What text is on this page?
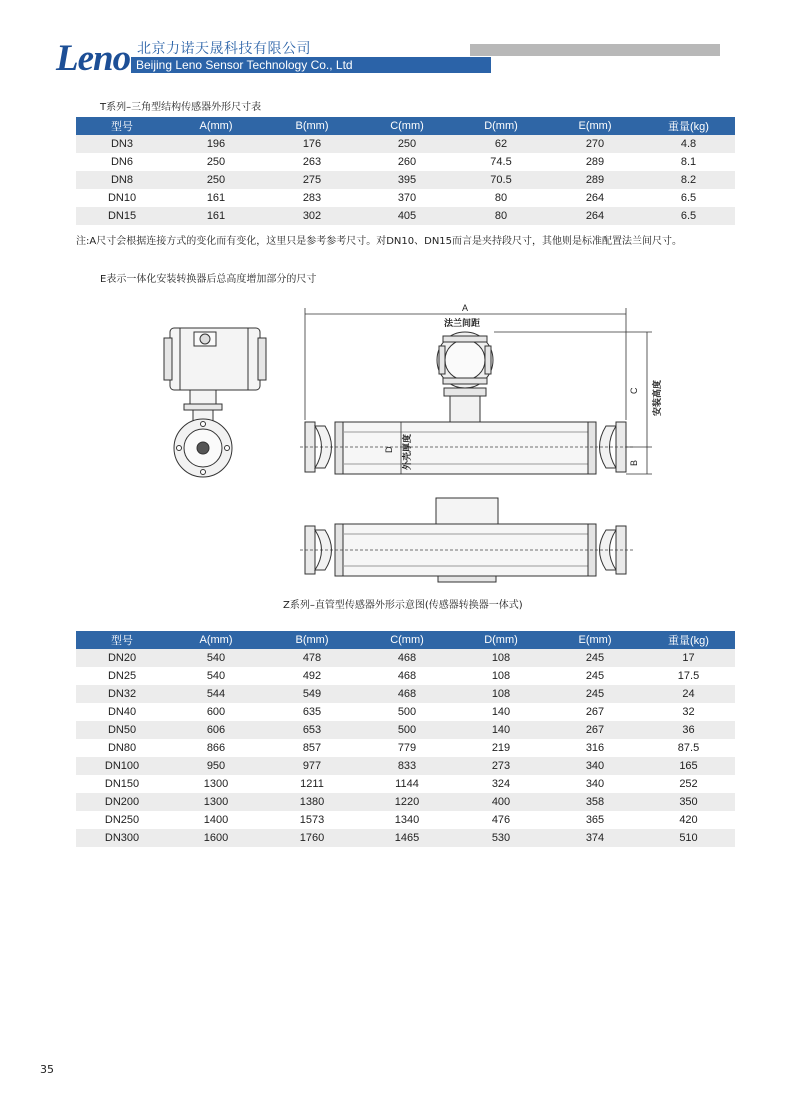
Leno 北京力诺天晟科技有限公司
Beijing Leno Sensor Technology Co., Ltd
T系列–三角型结构传感器外形尺寸表
型号	A(mm)	B(mm)	C(mm)	D(mm)	E(mm)	重量(kg)
DN3	196	176	250	62	270	4.8
DN6	250	263	260	74.5	289	8.1
DN8	250	275	395	70.5	289	8.2
DN10	161	283	370	80	264	6.5
DN15	161	302	405	80	264	6.5
注:A尺寸会根据连接方式的变化而有变化，这里只是参考参考尺寸。对DN10、DN15而言是夹持段尺寸，其他则是标准配置法兰间尺寸。
E表示一体化安装转换器后总高度增加部分的尺寸
A
法兰间距
C 安装高度
B
D 外壳厚度
Z系列–直管型传感器外形示意图(传感器转换器一体式)
型号	A(mm)	B(mm)	C(mm)	D(mm)	E(mm)	重量(kg)
DN20	540	478	468	108	245	17
DN25	540	492	468	108	245	17.5
DN32	544	549	468	108	245	24
DN40	600	635	500	140	267	32
DN50	606	653	500	140	267	36
DN80	866	857	779	219	316	87.5
DN100	950	977	833	273	340	165
DN150	1300	1211	1144	324	340	252
DN200	1300	1380	1220	400	358	350
DN250	1400	1573	1340	476	365	420
DN300	1600	1760	1465	530	374	510
35
